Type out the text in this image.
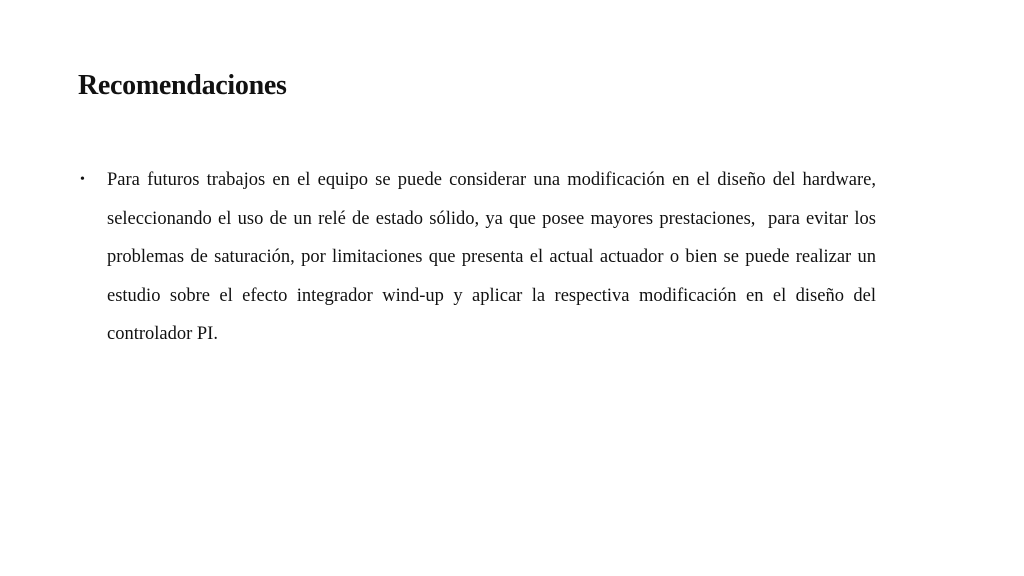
Recomendaciones
• Para futuros trabajos en el equipo se puede considerar una modificación en el diseño del hardware,  seleccionando el uso de un relé de estado sólido, ya que posee mayores prestaciones,  para evitar los  problemas de saturación, por limitaciones que presenta el actual actuador o bien se puede realizar un estudio sobre el efecto integrador wind-up y aplicar la respectiva modificación en el diseño del controlador PI.
